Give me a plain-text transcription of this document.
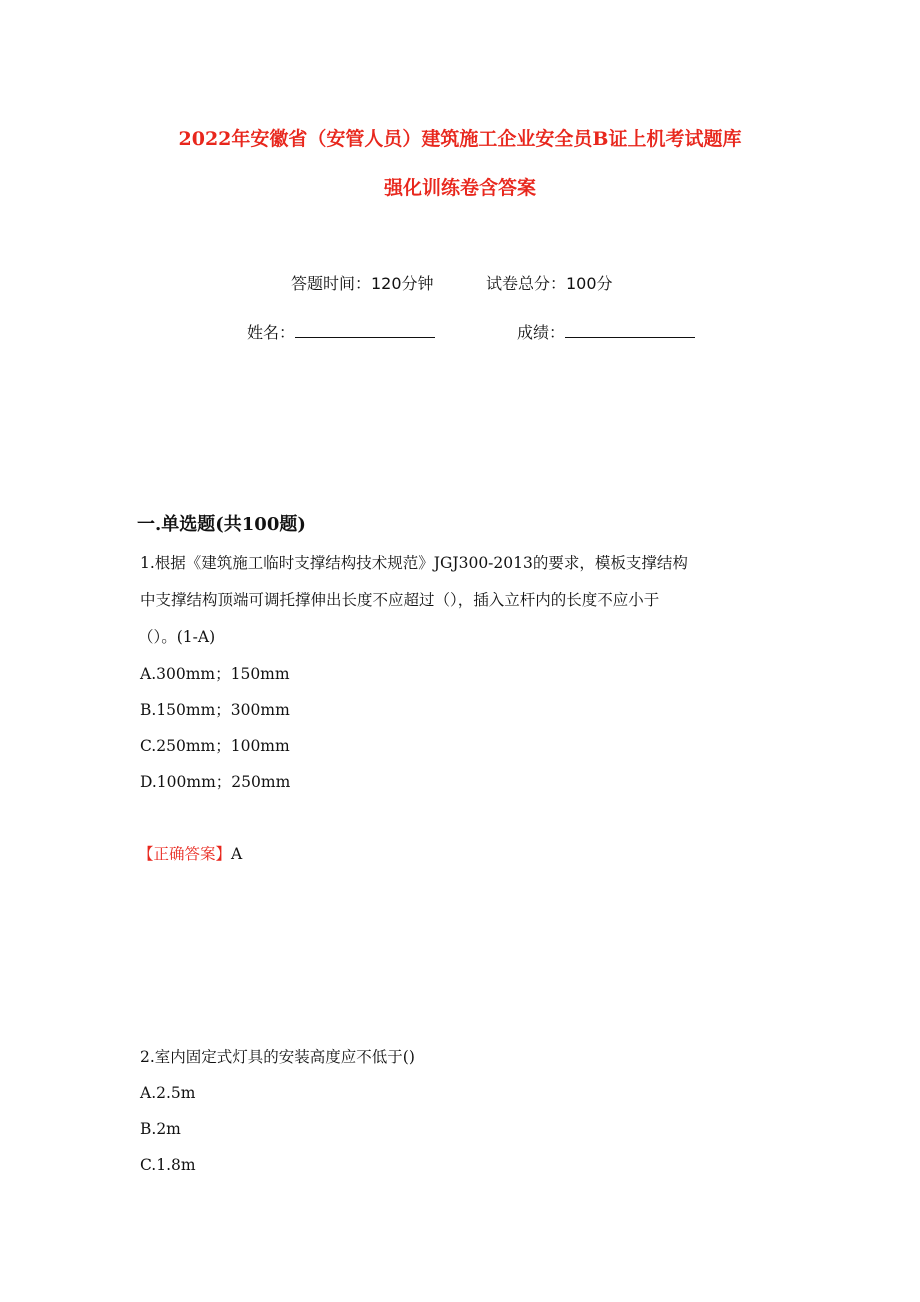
2022年安徽省（安管人员）建筑施工企业安全员B证上机考试题库
强化训练卷含答案
答题时间：120分钟	试卷总分：100分
姓名：	成绩：
一.单选题(共100题)
1.根据《建筑施工临时支撑结构技术规范》JGJ300-2013的要求，模板支撑结构
中支撑结构顶端可调托撑伸出长度不应超过（），插入立杆内的长度不应小于
（）。(1-A)
A.300mm；150mm
B.150mm；300mm
C.250mm；100mm
D.100mm；250mm
【正确答案】A
2.室内固定式灯具的安装高度应不低于()
A.2.5m
B.2m
C.1.8m
